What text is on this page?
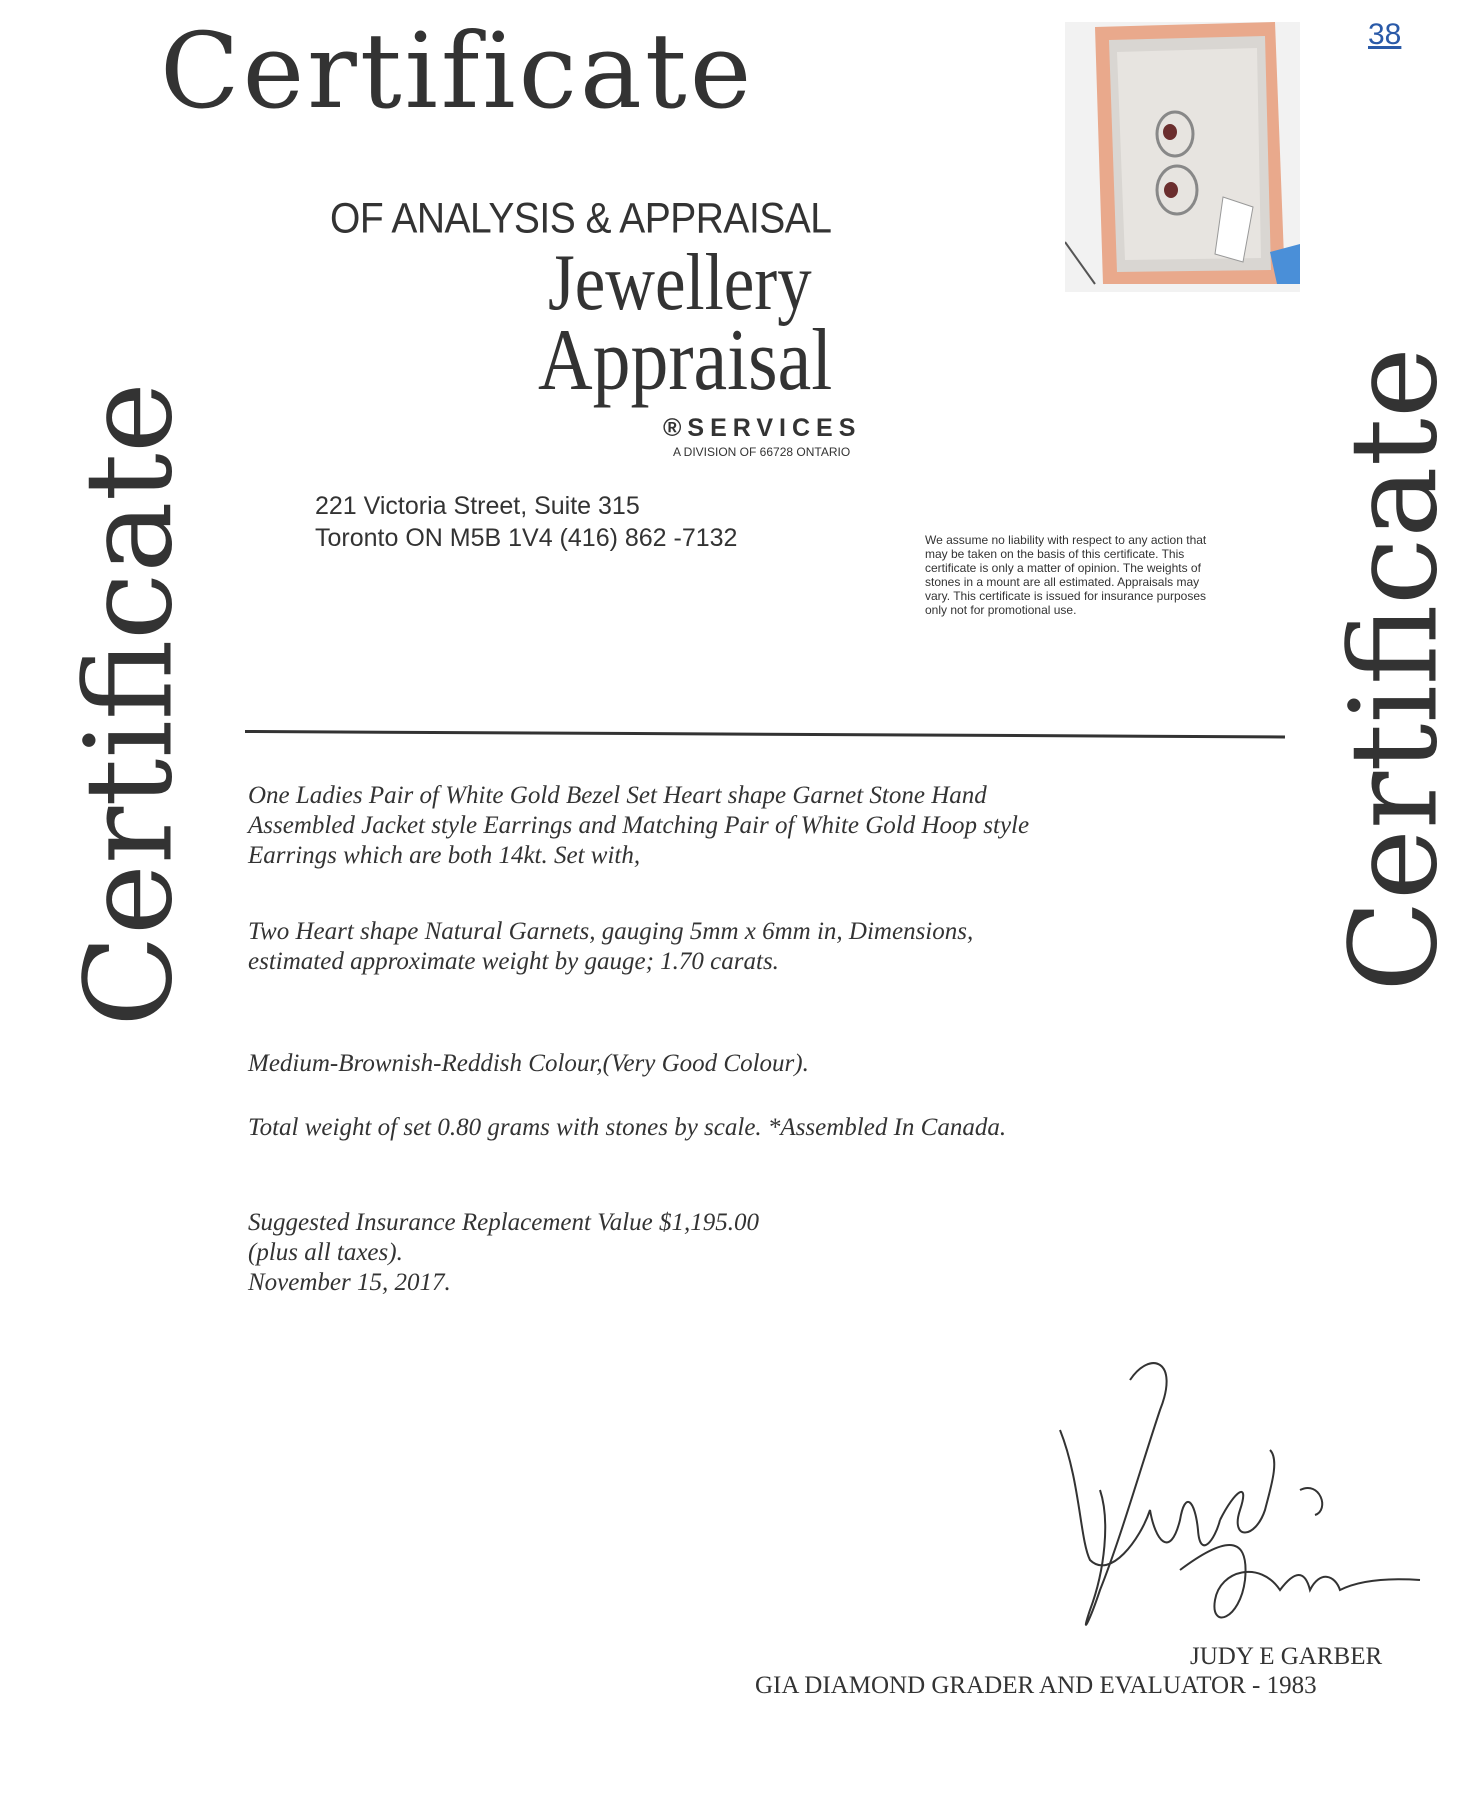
Certificate
Certificate	Certificate
OF ANALYSIS & APPRAISAL
Jewellery
Appraisal
®SERVICES
A DIVISION OF 66728 ONTARIO
221 Victoria Street, Suite 315
Toronto ON M5B 1V4 (416) 862 -7132	We assume no liability with respect to any action that may be taken on the basis of this certificate. This certificate is only a matter of opinion. The weights of stones in a mount are all estimated. Appraisals may vary. This certificate is issued for insurance purposes only not for promotional use.
One Ladies Pair of White Gold Bezel Set Heart shape Garnet Stone Hand Assembled Jacket style Earrings and Matching Pair of White Gold Hoop style Earrings which are both 14kt. Set with,
Two Heart shape Natural Garnets, gauging 5mm x 6mm in, Dimensions, estimated approximate weight by gauge; 1.70 carats.
Medium-Brownish-Reddish Colour,(Very Good Colour).
Total weight of set 0.80 grams with stones by scale. *Assembled In Canada.
Suggested Insurance Replacement Value $1,195.00
(plus all taxes).
November 15, 2017.
38
JUDY E GARBER
GIA DIAMOND GRADER AND EVALUATOR - 1983
